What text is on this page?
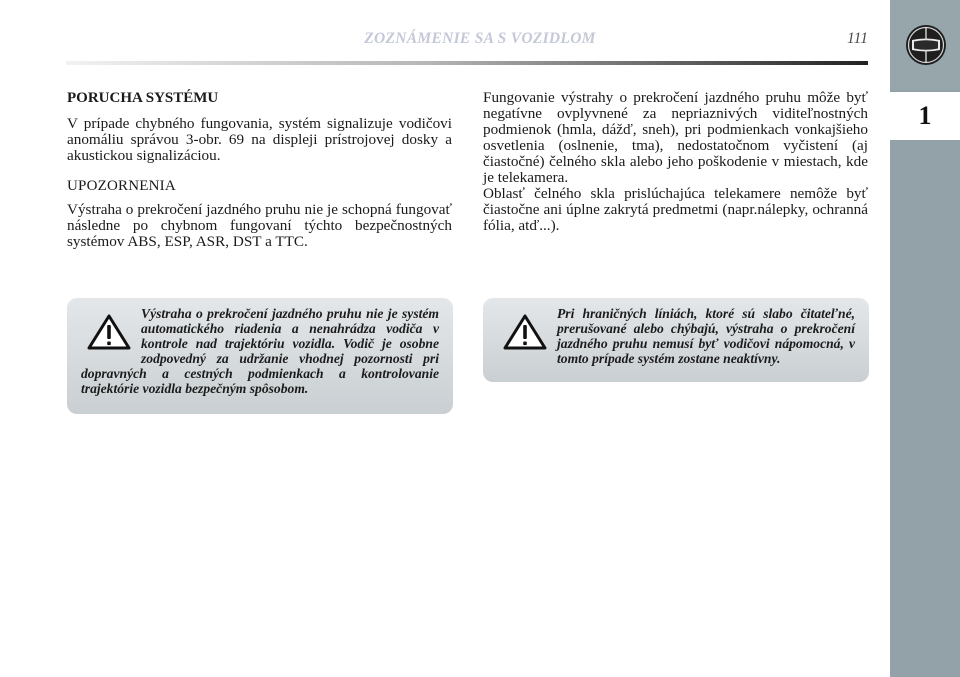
ZOZNÁMENIE SA S VOZIDLOM	111
1
PORUCHA SYSTÉMU

V prípade chybného fungovania, systém signalizuje vodičovi anomáliu správou 3-obr. 69 na displeji prístrojovej dosky a akustickou signalizáciou.

UPOZORNENIA

Výstraha o prekročení jazdného pruhu nie je schopná fungovať následne po chybnom fungovaní týchto bezpečnostných systémov ABS, ESP, ASR, DST a TTC.

Fungovanie výstrahy o prekročení jazdného pruhu môže byť negatívne ovplyvnené za nepriaznivých viditeľnostných podmienok (hmla, dážď, sneh), pri podmienkach vonkajšieho osvetlenia (oslnenie, tma), nedostatočnom vyčistení (aj čiastočné) čelného skla alebo jeho poškodenie v miestach, kde je telekamera.

Oblasť čelného skla prislúchajúca telekamere nemôže byť čiastočne ani úplne zakrytá predmetmi (napr.nálepky, ochranná fólia, atď...).

Výstraha o prekročení jazdného pruhu nie je systém automatického riadenia a nenahrádza vodiča v kontrole nad trajektóriu vozidla. Vodič je osobne zodpovedný za udržanie vhodnej pozornosti pri dopravných a cestných podmienkach a kontrolovanie trajektórie vozidla bezpečným spôsobom.
Pri hraničných líniách, ktoré sú slabo čitateľné, prerušované alebo chýbajú, výstraha o prekročení jazdného pruhu nemusí byť vodičovi nápomocná, v tomto prípade systém zostane neaktívny.
